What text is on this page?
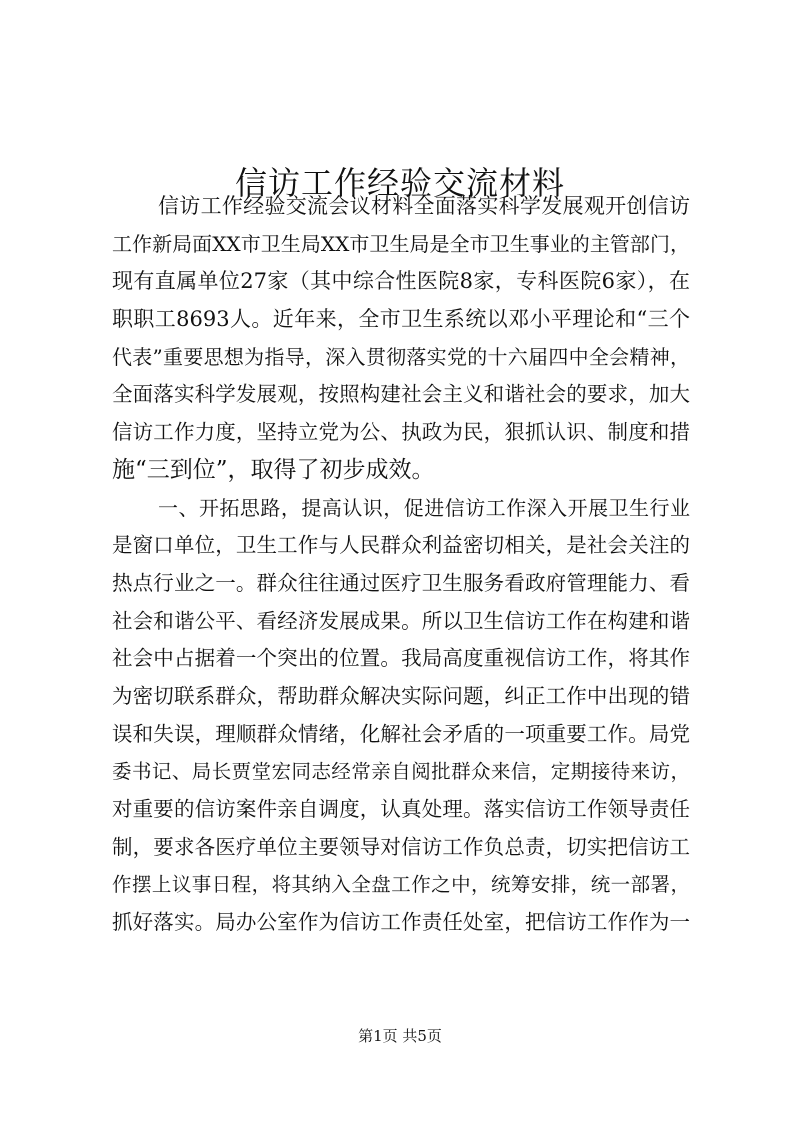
信访工作经验交流材料
信访工作经验交流会议材料全面落实科学发展观开创信访
工作新局面XX市卫生局XX市卫生局是全市卫生事业的主管部门，
现有直属单位27家（其中综合性医院8家，专科医院6家），在
职职工8693人。近年来，全市卫生系统以邓小平理论和“三个
代表”重要思想为指导，深入贯彻落实党的十六届四中全会精神，
全面落实科学发展观，按照构建社会主义和谐社会的要求，加大
信访工作力度，坚持立党为公、执政为民，狠抓认识、制度和措
施“三到位”，取得了初步成效。
一、开拓思路，提高认识，促进信访工作深入开展卫生行业
是窗口单位，卫生工作与人民群众利益密切相关，是社会关注的
热点行业之一。群众往往通过医疗卫生服务看政府管理能力、看
社会和谐公平、看经济发展成果。所以卫生信访工作在构建和谐
社会中占据着一个突出的位置。我局高度重视信访工作，将其作
为密切联系群众，帮助群众解决实际问题，纠正工作中出现的错
误和失误，理顺群众情绪，化解社会矛盾的一项重要工作。局党
委书记、局长贾堂宏同志经常亲自阅批群众来信，定期接待来访，
对重要的信访案件亲自调度，认真处理。落实信访工作领导责任
制，要求各医疗单位主要领导对信访工作负总责，切实把信访工
作摆上议事日程，将其纳入全盘工作之中，统筹安排，统一部署，
抓好落实。局办公室作为信访工作责任处室，把信访工作作为一
第1页 共5页
